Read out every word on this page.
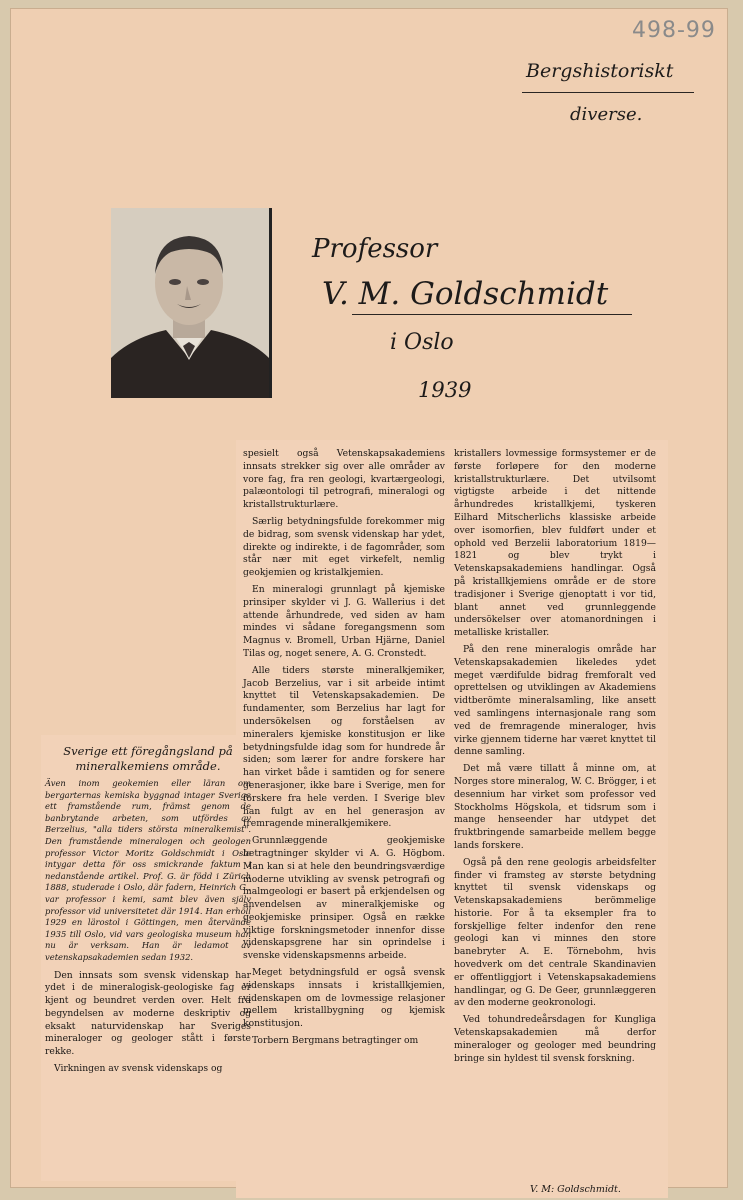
498-99
Bergshistoriskt
diverse.
Professor
V. M. Goldschmidt
i Oslo
1939
Sverige ett föregångsland på mineralkemiens område.
Även inom geokemien eller läran om bergarternas kemiska byggnad intager Sverige ett framstående rum, främst genom de banbrytande arbeten, som utfördes av Berzelius, "alla tiders största mineralkemist". Den framstående mineralogen och geologen professor Victor Moritz Goldschmidt i Oslo intygar detta för oss smickrande faktum i nedanstående artikel. Prof. G. är född i Zürich 1888, studerade i Oslo, där fadern, Heinrich G., var professor i kemi, samt blev även själv professor vid universitetet där 1914. Han erhöll 1929 en lärostol i Göttingen, men återvände 1935 till Oslo, vid vars geologiska museum han nu är verksam. Han är ledamot av vetenskapsakademien sedan 1932.

Den innsats som svensk videnskap har ydet i de mineralogisk-geologiske fag er kjent og beundret verden over. Helt fra begyndelsen av moderne deskriptiv og eksakt naturvidenskap har Sveriges mineraloger og geologer stått i første rekke.

Virkningen av svensk videnskaps og

spesielt også Vetenskapsakademiens innsats strekker sig over alle områder av vore fag, fra ren geologi, kvartærgeologi, palæontologi til petrografi, mineralogi og kristallstrukturlære.

Særlig betydningsfulde forekommer mig de bidrag, som svensk videnskap har ydet, direkte og indirekte, i de fagområder, som står nær mit eget virkefelt, nemlig geokjemien og kristalkjemien.

En mineralogi grunnlagt på kjemiske prinsiper skylder vi J. G. Wallerius i det attende århundrede, ved siden av ham mindes vi sådane foregangsmenn som Magnus v. Bromell, Urban Hjärne, Daniel Tilas og, noget senere, A. G. Cronstedt.

Alle tiders største mineralkjemiker, Jacob Berzelius, var i sit arbeide intimt knyttet til Vetenskapsakademien. De fundamenter, som Berzelius har lagt for undersökelsen og forståelsen av mineralers kjemiske konstitusjon er like betydningsfulde idag som for hundrede år siden; som lærer for andre forskere har han virket både i samtiden og for senere generasjoner, ikke bare i Sverige, men for forskere fra hele verden. I Sverige blev han fulgt av en hel generasjon av fremragende mineralkjemikere.

Grunnlæggende geokjemiske betragtninger skylder vi A. G. Högbom. Man kan si at hele den beundringsværdige moderne utvikling av svensk petrografi og malmgeologi er basert på erkjendelsen og anvendelsen av mineralkjemiske og geokjemiske prinsiper. Også en række viktige forskningsmetoder innenfor disse videnskapsgrene har sin oprindelse i svenske videnskapsmenns arbeide.

Meget betydningsfuld er også svensk videnskaps innsats i kristallkjemien, videnskapen om de lovmessige relasjoner mellem kristallbygning og kjemisk konstitusjon.

Torbern Bergmans betragtinger om

kristallers lovmessige formsystemer er de første forløpere for den moderne kristallstrukturlære. Det utvilsomt vigtigste arbeide i det nittende århundredes kristallkjemi, tyskeren Eilhard Mitscherlichs klassiske arbeide over isomorfien, blev fuldført under et ophold ved Berzelii laboratorium 1819—1821 og blev trykt i Vetenskapsakademiens handlingar. Også på kristallkjemiens område er de store tradisjoner i Sverige gjenoptatt i vor tid, blant annet ved grunnleggende undersökelser over atomanordningen i metalliske kristaller.

På den rene mineralogis område har Vetenskapsakademien likeledes ydet meget værdifulde bidrag fremforalt ved oprettelsen og utviklingen av Akademiens vidtberömte mineralsamling, like ansett ved samlingens internasjonale rang som ved de fremragende mineraloger, hvis virke gjennem tiderne har været knyttet til denne samling.

Det må være tillatt å minne om, at Norges store mineralog, W. C. Brögger, i et desennium har virket som professor ved Stockholms Högskola, et tidsrum som i mange henseender har utdypet det fruktbringende samarbeide mellem begge lands forskere.

Også på den rene geologis arbeidsfelter finder vi framsteg av største betydning knyttet til svensk videnskaps og Vetenskapsakademiens berömmelige historie. For å ta eksempler fra to forskjellige felter indenfor den rene geologi kan vi minnes den store banebryter A. E. Törnebohm, hvis hovedverk om det centrale Skandinavien er offentliggjort i Vetenskapsakademiens handlingar, og G. De Geer, grunnlæggeren av den moderne geokronologi.

Ved tohundredeårsdagen for Kungliga Vetenskapsakademien må derfor mineraloger og geologer med beundring bringe sin hyldest til svensk forskning.

V. M: Goldschmidt.
